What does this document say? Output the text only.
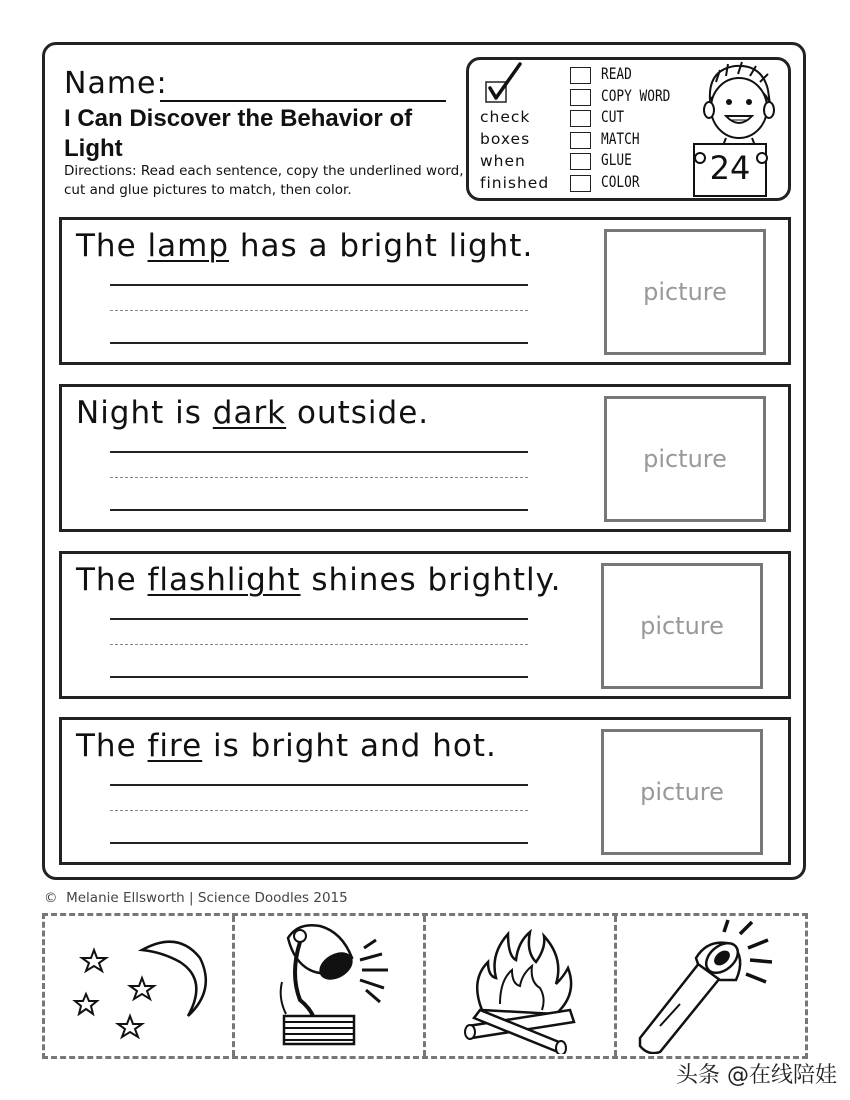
Name:
I Can Discover the Behavior of Light
Directions: Read each sentence, copy the underlined word, cut and glue pictures to match, then color.
check
boxes
when
finished
READ
COPY WORD
CUT
MATCH
GLUE
COLOR	24
The lamp has a bright light.
picture
Night is dark outside.
picture
The flashlight shines brightly.
picture
The fire is bright and hot.
picture
© Melanie Ellsworth | Science Doodles 2015
头条 @在线陪娃
